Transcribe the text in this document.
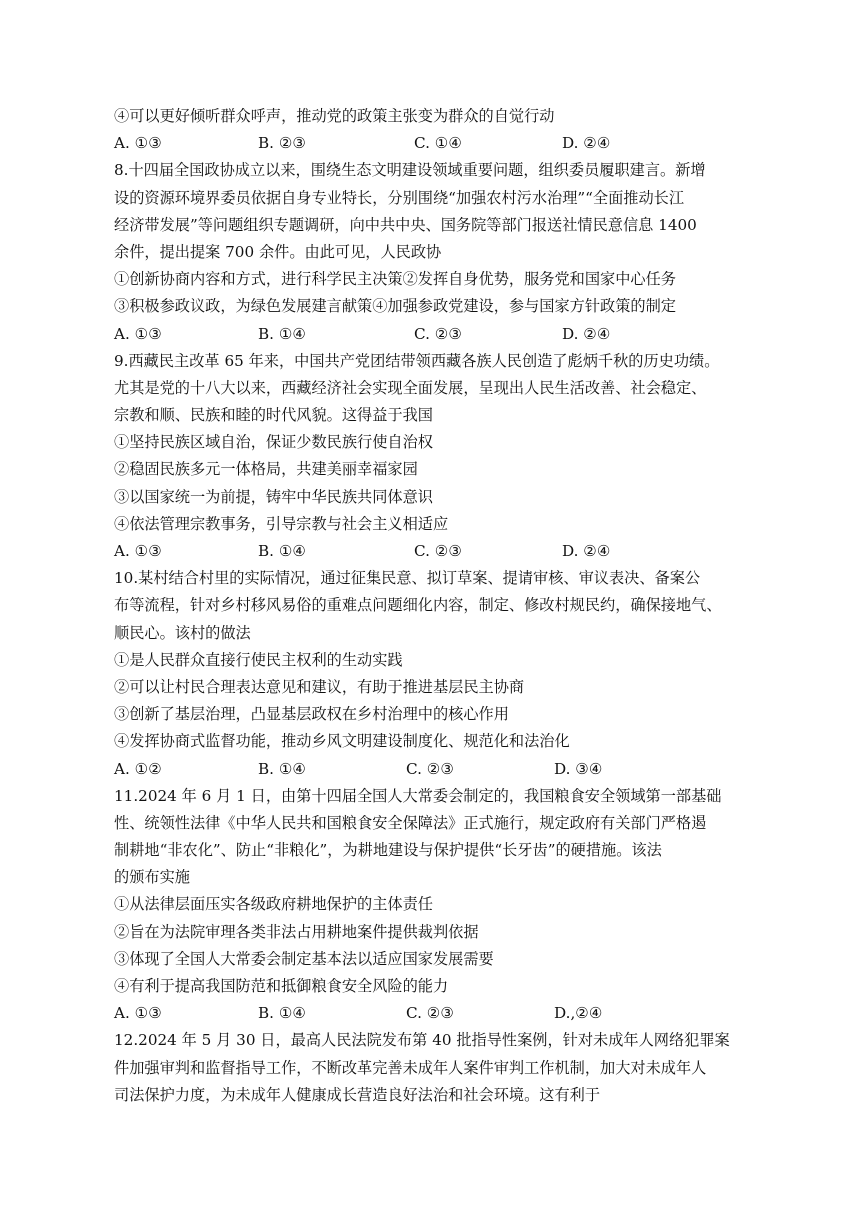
④可以更好倾听群众呼声，推动党的政策主张变为群众的自觉行动
A. ①③	B. ②③	C. ①④	D. ②④
8.十四届全国政协成立以来，围绕生态文明建设领域重要问题，组织委员履职建言。新增
设的资源环境界委员依据自身专业特长，分别围绕“加强农村污水治理”“全面推动长江
经济带发展”等问题组织专题调研，向中共中央、国务院等部门报送社情民意信息 1400
余件，提出提案 700 余件。由此可见，人民政协
①创新协商内容和方式，进行科学民主决策②发挥自身优势，服务党和国家中心任务
③积极参政议政，为绿色发展建言献策④加强参政党建设，参与国家方针政策的制定
A. ①③	B. ①④	C. ②③	D. ②④
9.西藏民主改革 65 年来，中国共产党团结带领西藏各族人民创造了彪炳千秋的历史功绩。
尤其是党的十八大以来，西藏经济社会实现全面发展，呈现出人民生活改善、社会稳定、
宗教和顺、民族和睦的时代风貌。这得益于我国
①坚持民族区域自治，保证少数民族行使自治权
②稳固民族多元一体格局，共建美丽幸福家园
③以国家统一为前提，铸牢中华民族共同体意识
④依法管理宗教事务，引导宗教与社会主义相适应
A. ①③	B. ①④	C. ②③	D. ②④
10.某村结合村里的实际情况，通过征集民意、拟订草案、提请审核、审议表决、备案公
布等流程，针对乡村移风易俗的重难点问题细化内容，制定、修改村规民约，确保接地气、
顺民心。该村的做法
①是人民群众直接行使民主权利的生动实践
②可以让村民合理表达意见和建议，有助于推进基层民主协商
③创新了基层治理，凸显基层政权在乡村治理中的核心作用
④发挥协商式监督功能，推动乡风文明建设制度化、规范化和法治化
A. ①②	B. ①④	C. ②③	D. ③④
11.2024 年 6 月 1 日，由第十四届全国人大常委会制定的，我国粮食安全领域第一部基础
性、统领性法律《中华人民共和国粮食安全保障法》正式施行，规定政府有关部门严格遏
制耕地“非农化”、防止“非粮化”，为耕地建设与保护提供“长牙齿”的硬措施。该法
的颁布实施
①从法律层面压实各级政府耕地保护的主体责任
②旨在为法院审理各类非法占用耕地案件提供裁判依据
③体现了全国人大常委会制定基本法以适应国家发展需要
④有利于提高我国防范和抵御粮食安全风险的能力
A. ①③	B. ①④	C. ②③	D.,②④
12.2024 年 5 月 30 日，最高人民法院发布第 40 批指导性案例，针对未成年人网络犯罪案
件加强审判和监督指导工作，不断改革完善未成年人案件审判工作机制，加大对未成年人
司法保护力度，为未成年人健康成长营造良好法治和社会环境。这有利于
